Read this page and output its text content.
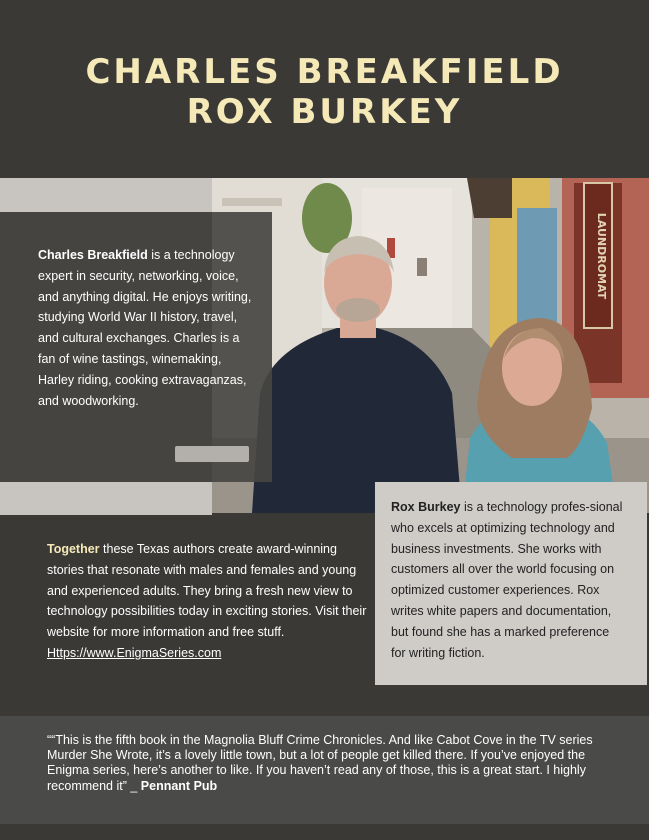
CHARLES BREAKFIELD
ROX BURKEY
LAUNDROMAT
Charles Breakfield is a technology expert in security, networking, voice, and anything digital. He enjoys writing, studying World War II history, travel, and cultural exchanges. Charles is a fan of wine tastings, winemaking, Harley riding, cooking extravaganzas, and woodworking.
Together these Texas authors create award-winning stories that resonate with males and females and young and experienced adults. They bring a fresh new view to technology possibilities today in exciting stories. Visit their website for more information and free stuff. Https://www.EnigmaSeries.com
Rox Burkey is a technology profes-sional who excels at optimizing technology and business investments. She works with customers all over the world focusing on optimized customer experiences. Rox writes white papers and documentation, but found she has a marked preference for writing fiction.
““This is the fifth book in the Magnolia Bluff Crime Chronicles. And like Cabot Cove in the TV series Murder She Wrote, it’s a lovely little town, but a lot of people get killed there. If you’ve enjoyed the Enigma series, here’s another to like. If you haven’t read any of those, this is a great start. I highly recommend it” _ Pennant Pub
